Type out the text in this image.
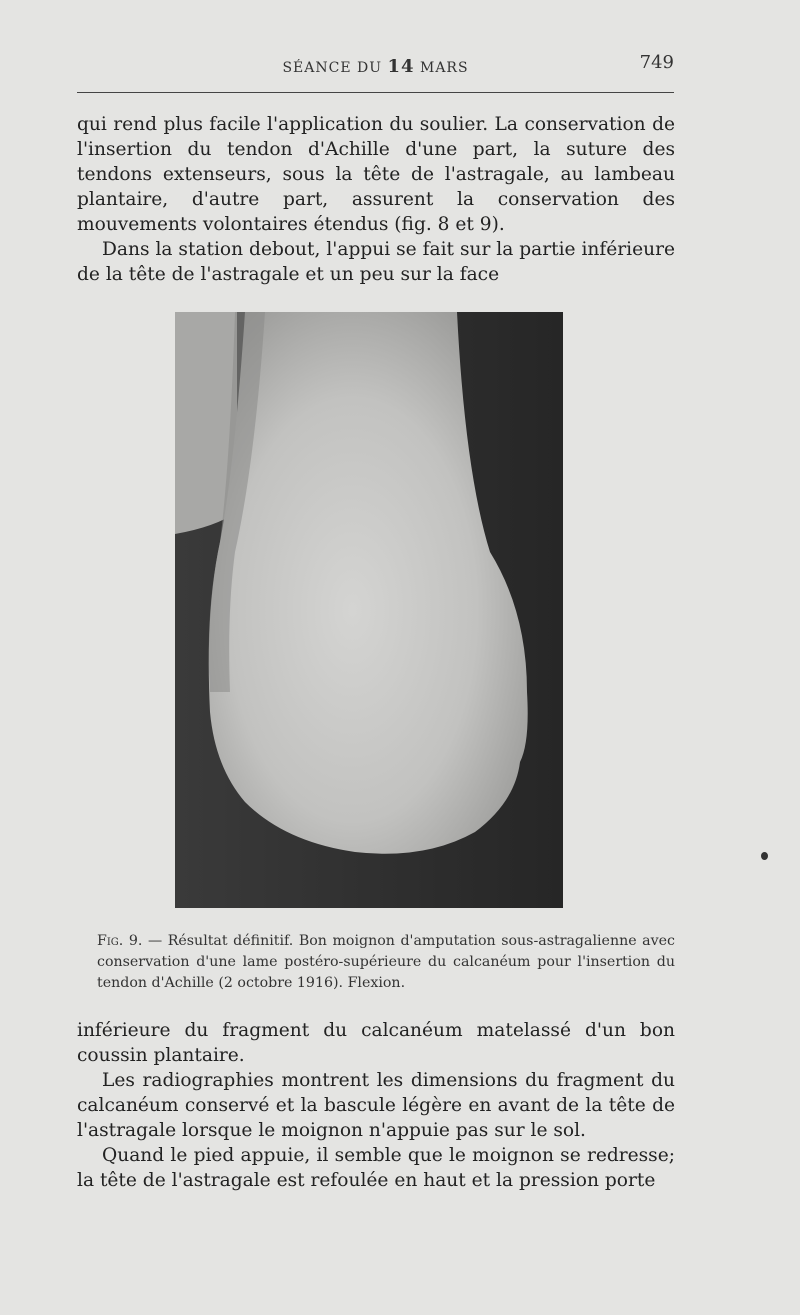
SÉANCE DU 14 MARS	749

qui rend plus facile l'application du soulier. La conservation de l'insertion du tendon d'Achille d'une part, la suture des tendons extenseurs, sous la tête de l'astragale, au lambeau plantaire, d'autre part, assurent la conservation des mouvements volontaires étendus (fig. 8 et 9).

Dans la station debout, l'appui se fait sur la partie inférieure de la tête de l'astragale et un peu sur la face

Fig. 9. — Résultat définitif. Bon moignon d'amputation sous-astragalienne avec conservation d'une lame postéro-supérieure du calcanéum pour l'insertion du tendon d'Achille (2 octobre 1916). Flexion.

inférieure du fragment du calcanéum matelassé d'un bon coussin plantaire.

Les radiographies montrent les dimensions du fragment du calcanéum conservé et la bascule légère en avant de la tête de l'astragale lorsque le moignon n'appuie pas sur le sol.

Quand le pied appuie, il semble que le moignon se redresse; la tête de l'astragale est refoulée en haut et la pression porte
